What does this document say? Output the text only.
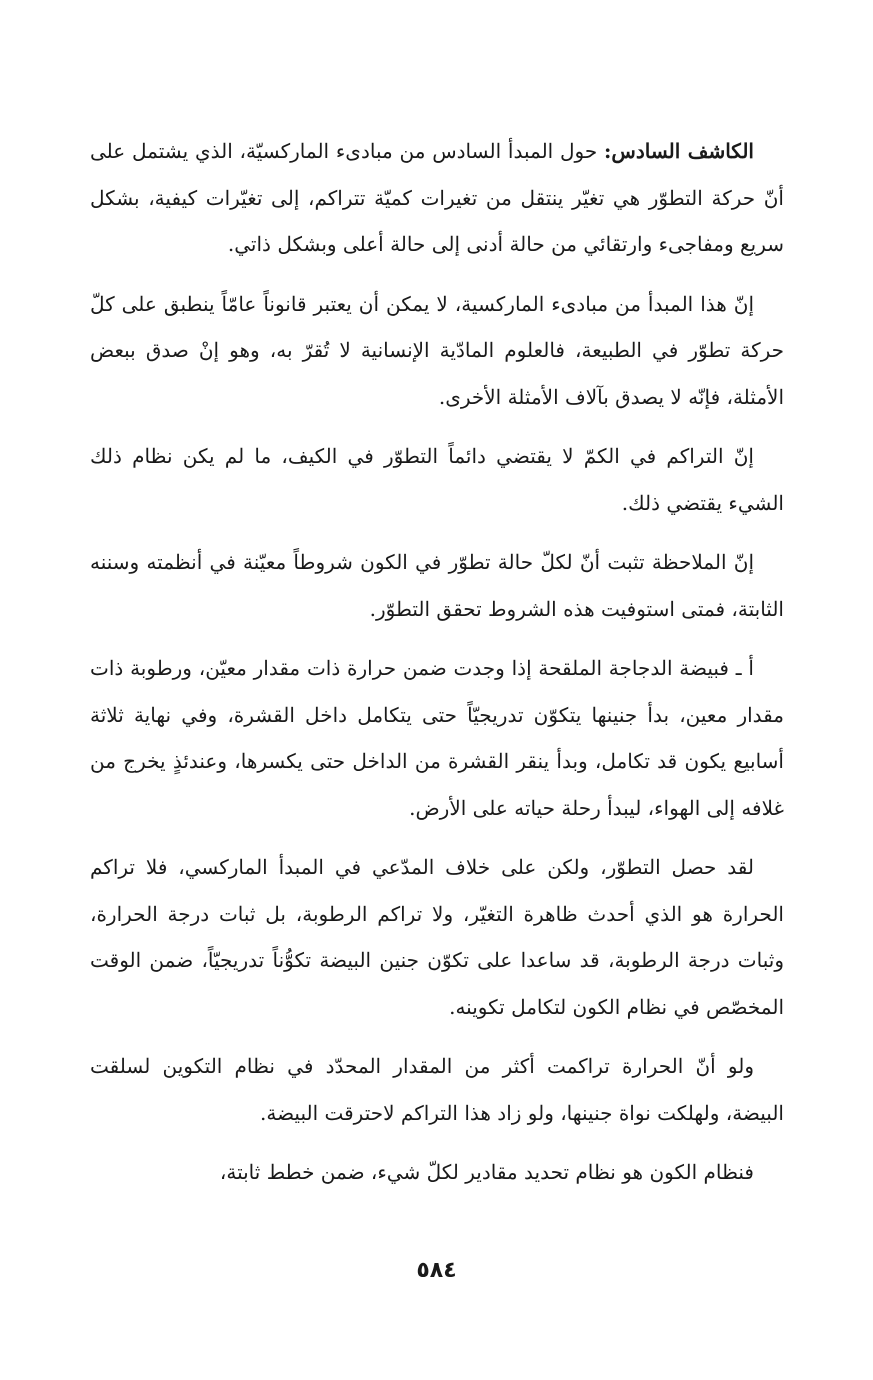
الكاشف السادس: حول المبدأ السادس من مبادىء الماركسيّة، الذي يشتمل على أنّ حركة التطوّر هي تغيّر ينتقل من تغيرات كميّة تتراكم، إلى تغيّرات كيفية، بشكل سريع ومفاجىء وارتقائي من حالة أدنى إلى حالة أعلى وبشكل ذاتي.

إنّ هذا المبدأ من مبادىء الماركسية، لا يمكن أن يعتبر قانوناً عامّاً ينطبق على كلّ حركة تطوّر في الطبيعة، فالعلوم المادّية الإنسانية لا تُقرّ به، وهو إنْ صدق ببعض الأمثلة، فإنّه لا يصدق بآلاف الأمثلة الأخرى.

إنّ التراكم في الكمّ لا يقتضي دائماً التطوّر في الكيف، ما لم يكن نظام ذلك الشيء يقتضي ذلك.

إنّ الملاحظة تثبت أنّ لكلّ حالة تطوّر في الكون شروطاً معيّنة في أنظمته وسننه الثابتة، فمتى استوفيت هذه الشروط تحقق التطوّر.

أ ـ فبيضة الدجاجة الملقحة إذا وجدت ضمن حرارة ذات مقدار معيّن، ورطوبة ذات مقدار معين، بدأ جنينها يتكوّن تدريجيّاً حتى يتكامل داخل القشرة، وفي نهاية ثلاثة أسابيع يكون قد تكامل، وبدأ ينقر القشرة من الداخل حتى يكسرها، وعندئذٍ يخرج من غلافه إلى الهواء، ليبدأ رحلة حياته على الأرض.

لقد حصل التطوّر، ولكن على خلاف المدّعي في المبدأ الماركسي، فلا تراكم الحرارة هو الذي أحدث ظاهرة التغيّر، ولا تراكم الرطوبة، بل ثبات درجة الحرارة، وثبات درجة الرطوبة، قد ساعدا على تكوّن جنين البيضة تكوُّناً تدريجيّاً، ضمن الوقت المخصّص في نظام الكون لتكامل تكوينه.

ولو أنّ الحرارة تراكمت أكثر من المقدار المحدّد في نظام التكوين لسلقت البيضة، ولهلكت نواة جنينها، ولو زاد هذا التراكم لاحترقت البيضة.

فنظام الكون هو نظام تحديد مقادير لكلّ شيء، ضمن خطط ثابتة،

٥٨٤
